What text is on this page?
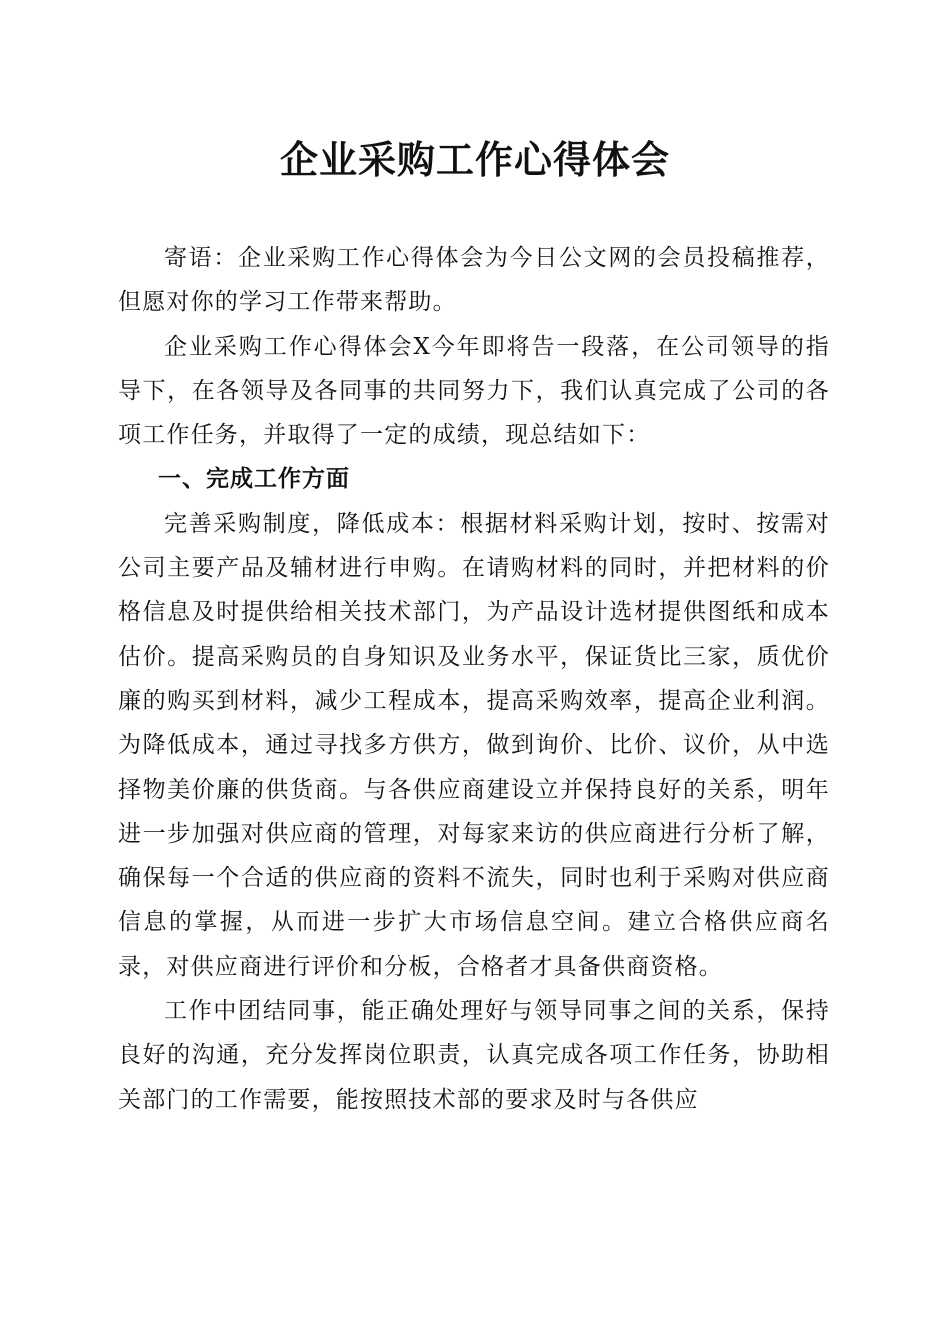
企业采购工作心得体会

寄语：企业采购工作心得体会为今日公文网的会员投稿推荐，但愿对你的学习工作带来帮助。

企业采购工作心得体会X今年即将告一段落，在公司领导的指导下，在各领导及各同事的共同努力下，我们认真完成了公司的各项工作任务，并取得了一定的成绩，现总结如下：

一、完成工作方面

完善采购制度，降低成本：根据材料采购计划，按时、按需对公司主要产品及辅材进行申购。在请购材料的同时，并把材料的价格信息及时提供给相关技术部门，为产品设计选材提供图纸和成本估价。提高采购员的自身知识及业务水平，保证货比三家，质优价廉的购买到材料，减少工程成本，提高采购效率，提高企业利润。为降低成本，通过寻找多方供方，做到询价、比价、议价，从中选择物美价廉的供货商。与各供应商建设立并保持良好的关系，明年进一步加强对供应商的管理，对每家来访的供应商进行分析了解，确保每一个合适的供应商的资料不流失，同时也利于采购对供应商信息的掌握，从而进一步扩大市场信息空间。建立合格供应商名录，对供应商进行评价和分板，合格者才具备供商资格。

工作中团结同事，能正确处理好与领导同事之间的关系，保持良好的沟通，充分发挥岗位职责，认真完成各项工作任务，协助相关部门的工作需要，能按照技术部的要求及时与各供应
